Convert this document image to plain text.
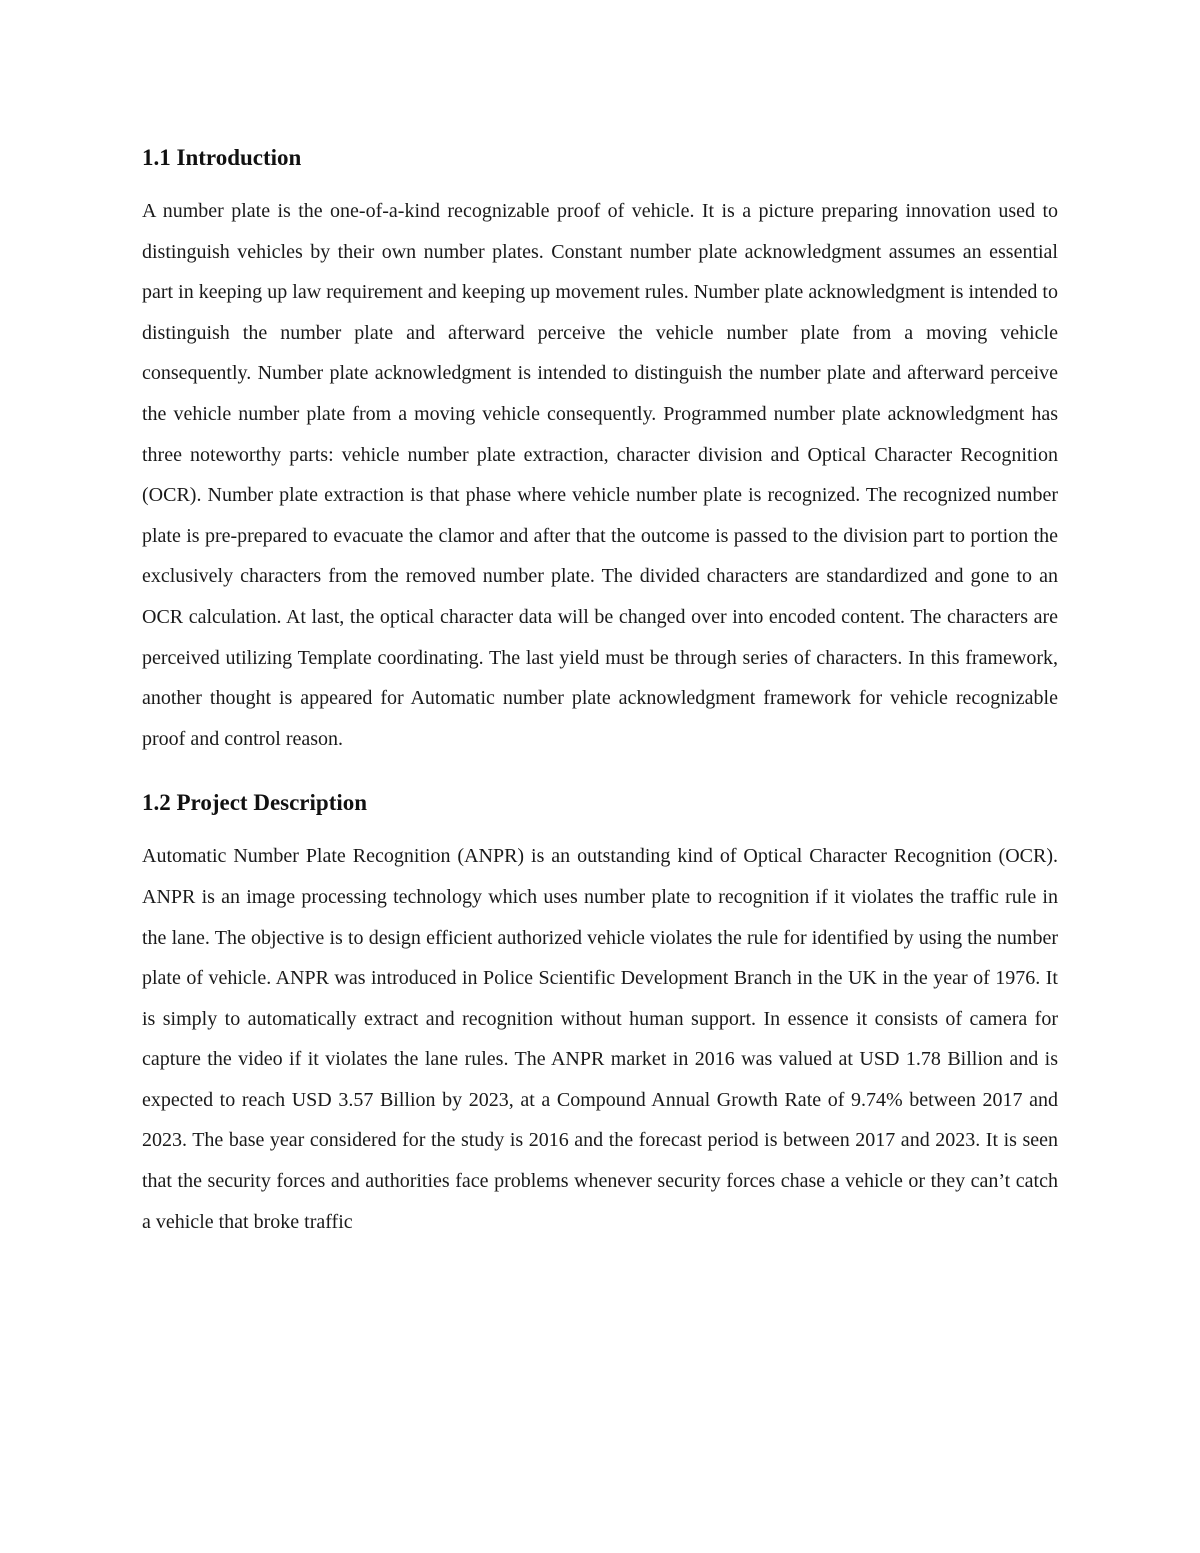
1.1 Introduction

A number plate is the one-of-a-kind recognizable proof of vehicle. It is a picture preparing innovation used to distinguish vehicles by their own number plates. Constant number plate acknowledgment assumes an essential part in keeping up law requirement and keeping up movement rules. Number plate acknowledgment is intended to distinguish the number plate and afterward perceive the vehicle number plate from a moving vehicle consequently. Number plate acknowledgment is intended to distinguish the number plate and afterward perceive the vehicle number plate from a moving vehicle consequently. Programmed number plate acknowledgment has three noteworthy parts: vehicle number plate extraction, character division and Optical Character Recognition (OCR). Number plate extraction is that phase where vehicle number plate is recognized. The recognized number plate is pre-prepared to evacuate the clamor and after that the outcome is passed to the division part to portion the exclusively characters from the removed number plate. The divided characters are standardized and gone to an OCR calculation. At last, the optical character data will be changed over into encoded content. The characters are perceived utilizing Template coordinating. The last yield must be through series of characters. In this framework, another thought is appeared for Automatic number plate acknowledgment framework for vehicle recognizable proof and control reason.

1.2 Project Description

Automatic Number Plate Recognition (ANPR) is an outstanding kind of Optical Character Recognition (OCR). ANPR is an image processing technology which uses number plate to recognition if it violates the traffic rule in the lane. The objective is to design efficient authorized vehicle violates the rule for identified by using the number plate of vehicle. ANPR was introduced in Police Scientific Development Branch in the UK in the year of 1976. It is simply to automatically extract and recognition without human support. In essence it consists of camera for capture the video if it violates the lane rules. The ANPR market in 2016 was valued at USD 1.78 Billion and is expected to reach USD 3.57 Billion by 2023, at a Compound Annual Growth Rate of 9.74% between 2017 and 2023. The base year considered for the study is 2016 and the forecast period is between 2017 and 2023. It is seen that the security forces and authorities face problems whenever security forces chase a vehicle or they can’t catch a vehicle that broke traffic
